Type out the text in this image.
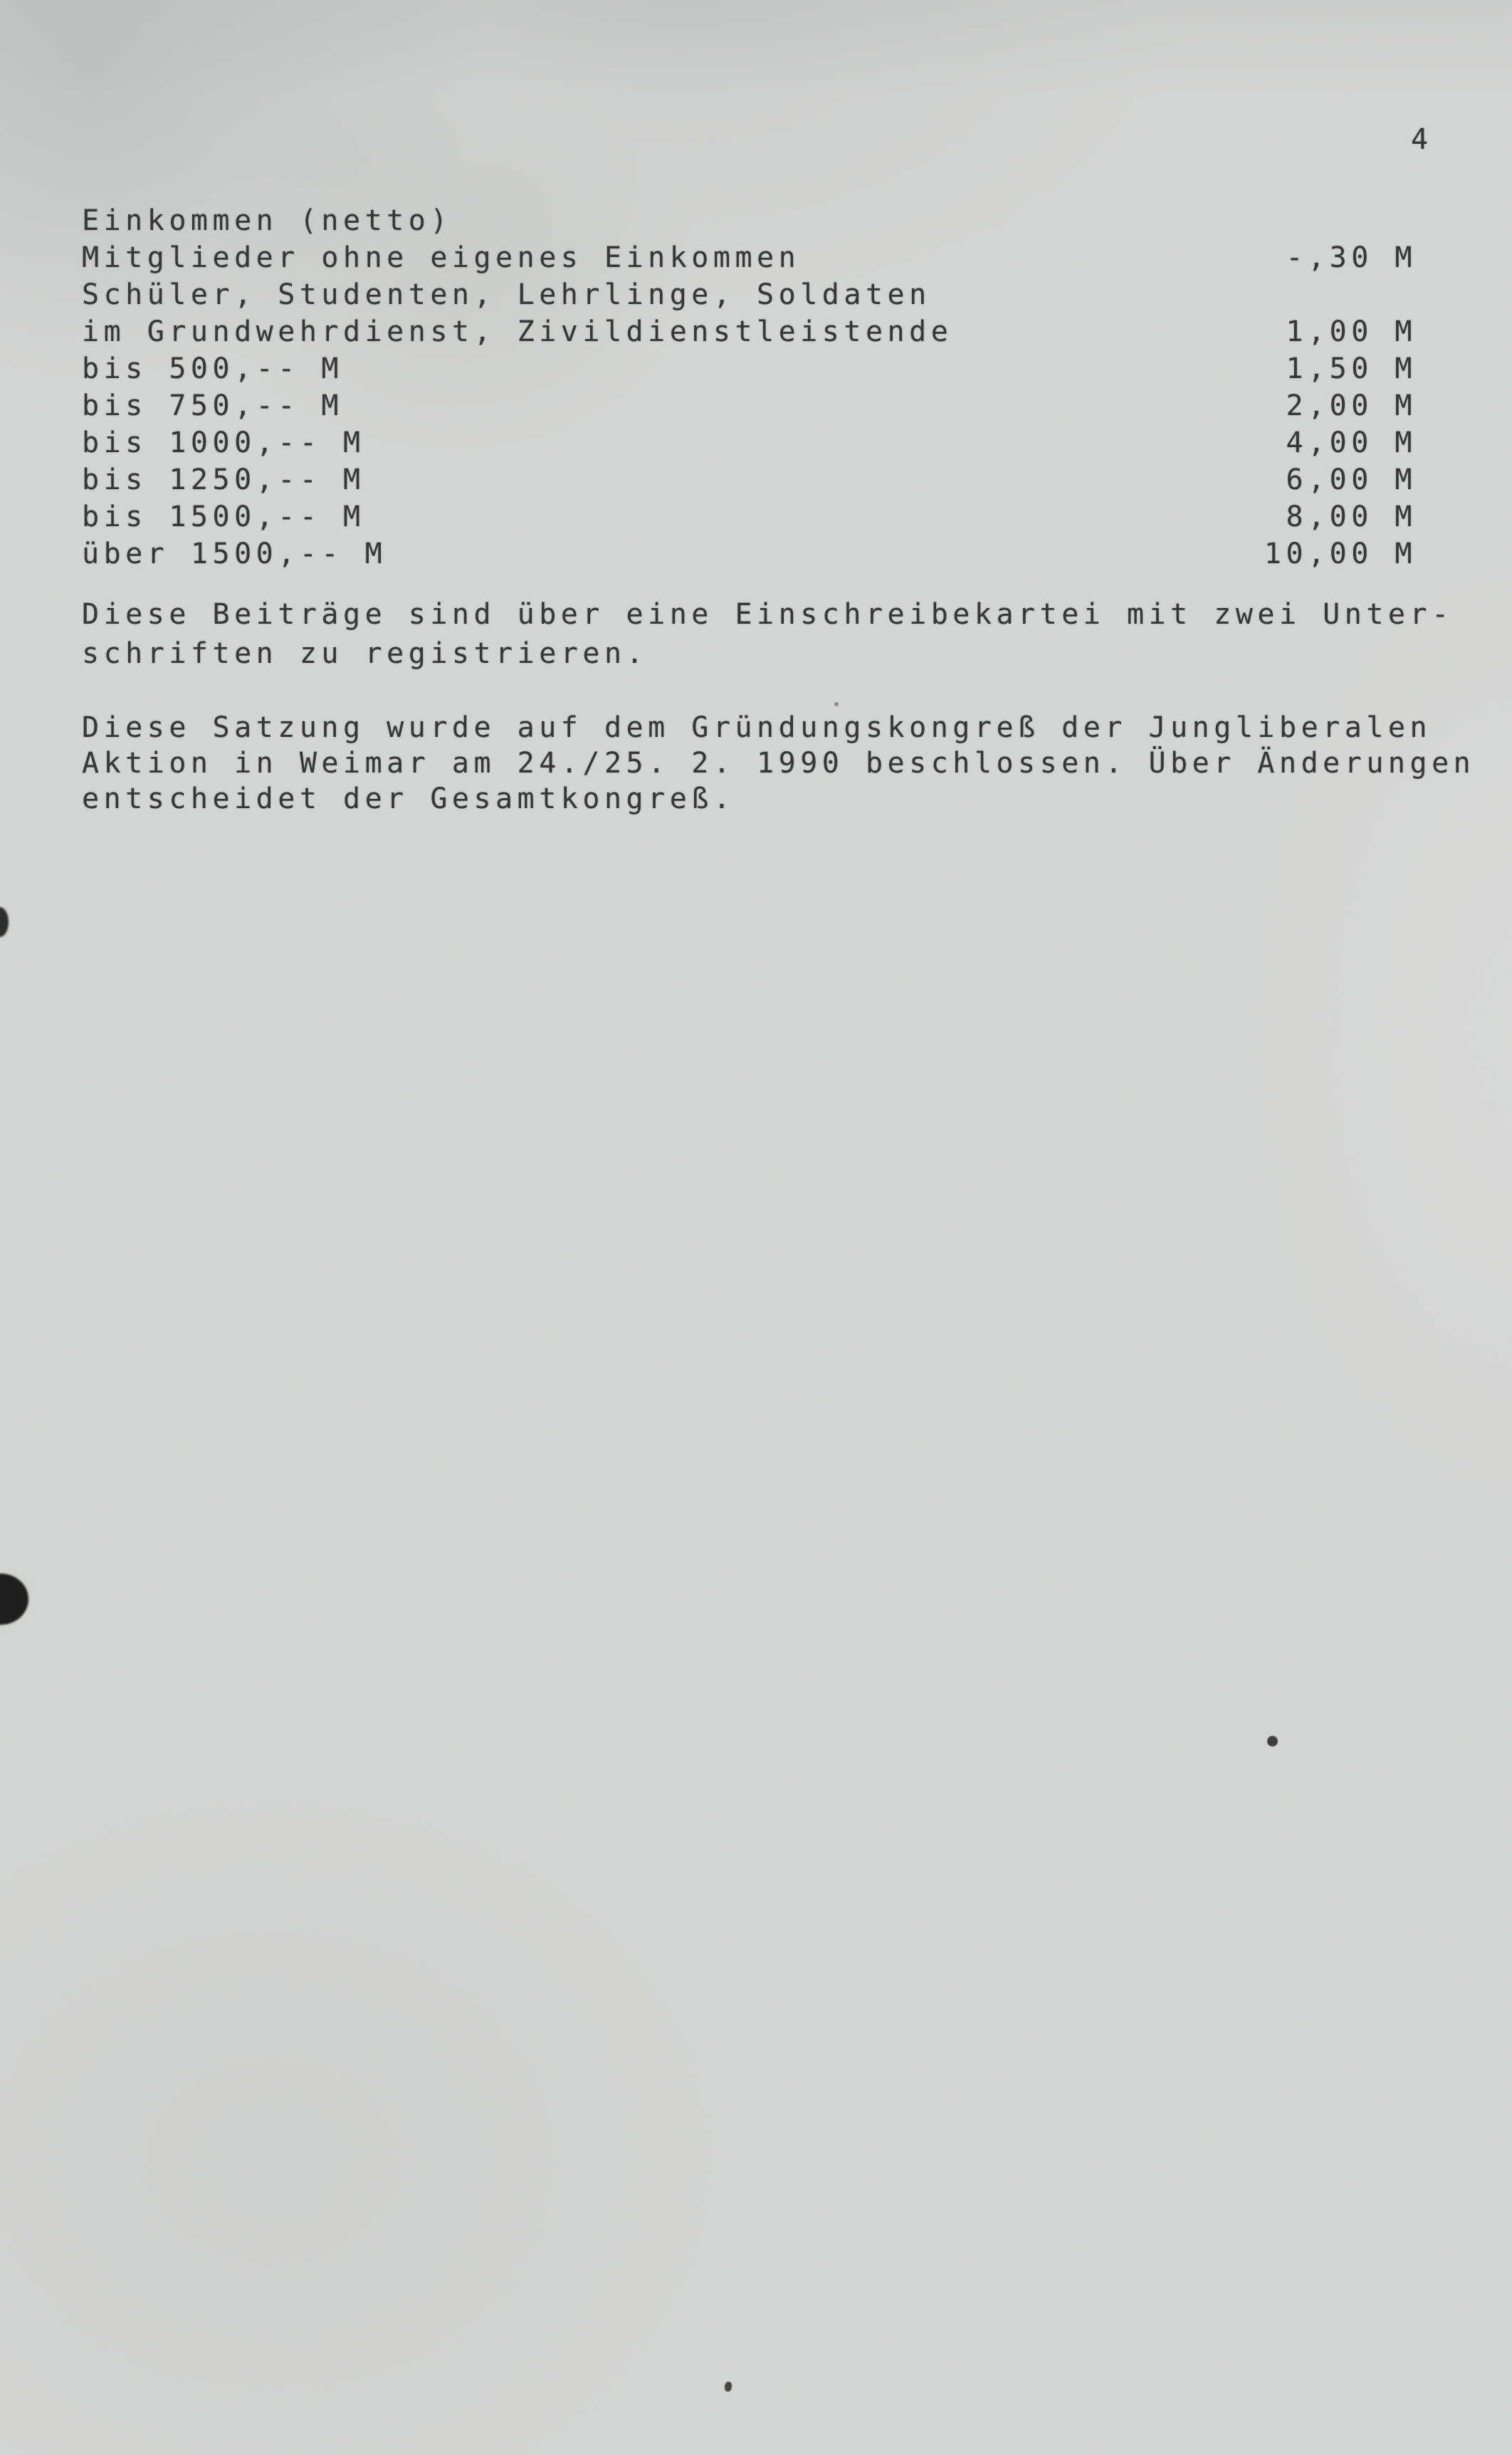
4
Einkommen (netto)
Mitglieder ohne eigenes Einkommen	-,30 M
Schüler, Studenten, Lehrlinge, Soldaten
im Grundwehrdienst, Zivildienstleistende	1,00 M
bis 500,-- M	1,50 M
bis 750,-- M	2,00 M
bis 1000,-- M	4,00 M
bis 1250,-- M	6,00 M
bis 1500,-- M	8,00 M
über 1500,-- M	10,00 M
Diese Beiträge sind über eine Einschreibekartei mit zwei Unter-
schriften zu registrieren.
Diese Satzung wurde auf dem Gründungskongreß der Jungliberalen
Aktion in Weimar am 24./25. 2. 1990 beschlossen. Über Änderungen
entscheidet der Gesamtkongreß.
